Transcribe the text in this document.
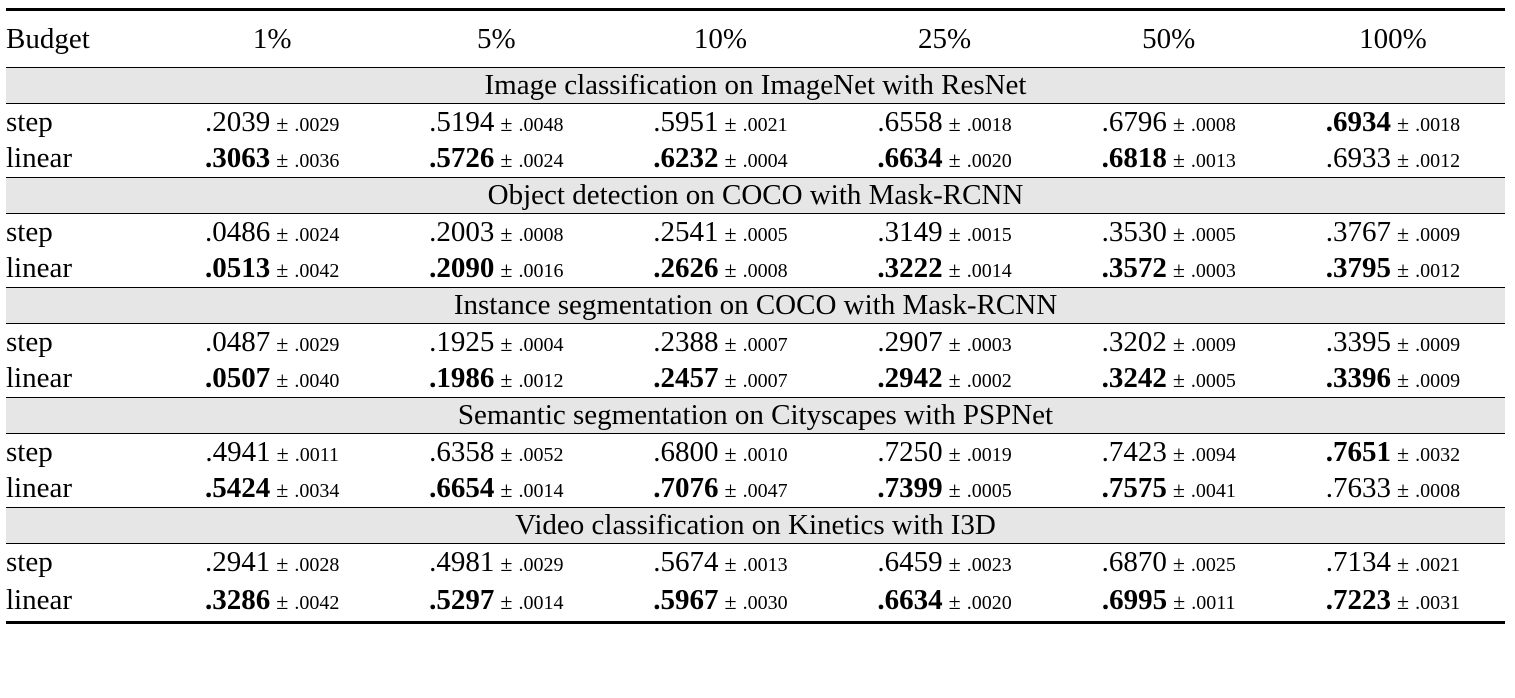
Budget	1%	5%	10%	25%	50%	100%
Image classification on ImageNet with ResNet						
step	.2039 ± .0029	.5194 ± .0048	.5951 ± .0021	.6558 ± .0018	.6796 ± .0008	.6934 ± .0018
linear	.3063 ± .0036	.5726 ± .0024	.6232 ± .0004	.6634 ± .0020	.6818 ± .0013	.6933 ± .0012
Object detection on COCO with Mask-RCNN						
step	.0486 ± .0024	.2003 ± .0008	.2541 ± .0005	.3149 ± .0015	.3530 ± .0005	.3767 ± .0009
linear	.0513 ± .0042	.2090 ± .0016	.2626 ± .0008	.3222 ± .0014	.3572 ± .0003	.3795 ± .0012
Instance segmentation on COCO with Mask-RCNN						
step	.0487 ± .0029	.1925 ± .0004	.2388 ± .0007	.2907 ± .0003	.3202 ± .0009	.3395 ± .0009
linear	.0507 ± .0040	.1986 ± .0012	.2457 ± .0007	.2942 ± .0002	.3242 ± .0005	.3396 ± .0009
Semantic segmentation on Cityscapes with PSPNet						
step	.4941 ± .0011	.6358 ± .0052	.6800 ± .0010	.7250 ± .0019	.7423 ± .0094	.7651 ± .0032
linear	.5424 ± .0034	.6654 ± .0014	.7076 ± .0047	.7399 ± .0005	.7575 ± .0041	.7633 ± .0008
Video classification on Kinetics with I3D						
step	.2941 ± .0028	.4981 ± .0029	.5674 ± .0013	.6459 ± .0023	.6870 ± .0025	.7134 ± .0021
linear	.3286 ± .0042	.5297 ± .0014	.5967 ± .0030	.6634 ± .0020	.6995 ± .0011	.7223 ± .0031
